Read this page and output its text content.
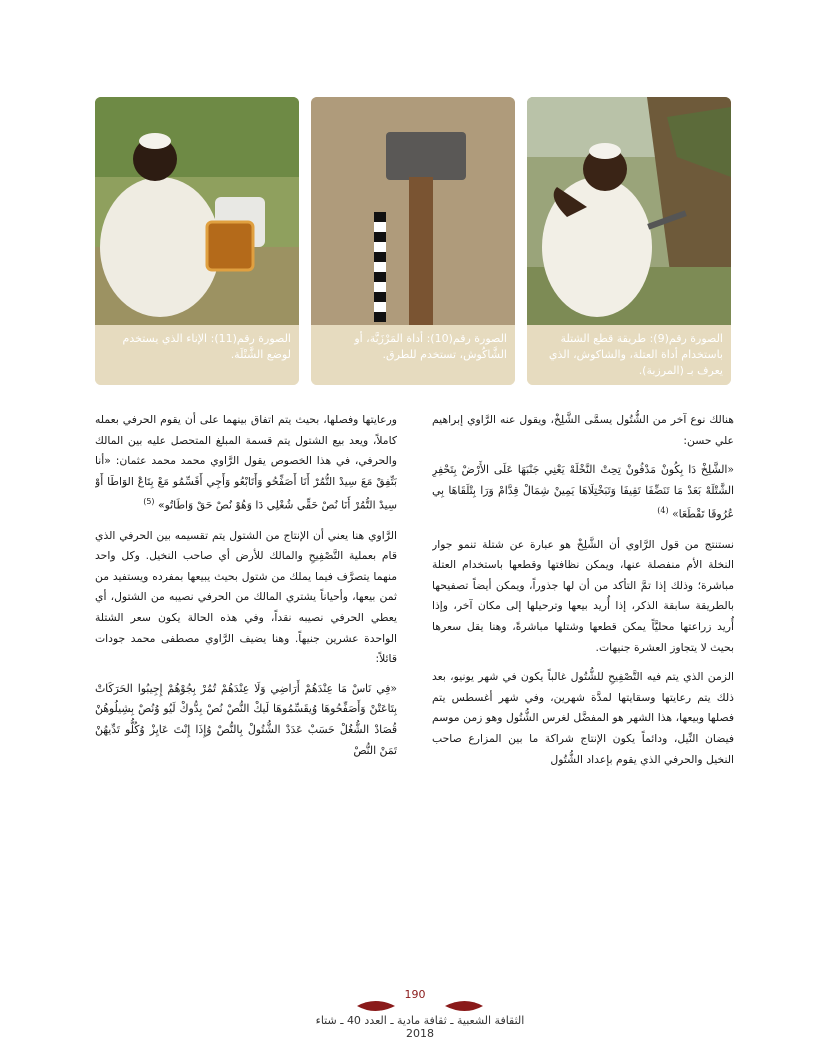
الصورة رقم(9): طريقة قطع الشتلة باستخدام أداة العتلة، والشاكوش، الذي يعرف بـ (المرزبة).
الصورة رقم(10): أداة المَرْزَبَّة، أو الشَّاكُوش، تستخدم للطرق.
الصورة رقم(11): الإناء الذي يستخدم لوضع الشَّتْلَة.

هنالك نوع آخر من الشُّتُول يسمَّى الشَّلِخْ، ويقول عنه الرَّاوي إبراهيم علي حسن:

«الشَّلِخْ دَا بِكُونْ مَدْفُونْ تِحِتْ النَّخْلَهْ يَعْنِي جَنْبَهَا عَلَى الأَرْضْ بِتَحْفِرِ الشَّتْلَهْ بَعَدْ مَا تَنَضِّفَا تَقِيفَا وَتَبَخْتِلَاهَا يَمِينْ شِمَالْ قِدَّامْ وَرَا بِتْلَقَاهَا بِي عُرُوقَا تَقْطَعَا» $^{(4)}$

نستنتج من قول الرَّاوي أن الشَّلِخْ هو عبارة عن شتلة تنمو جوار النخلة الأم منفصلة عنها، ويمكن نظافتها وقطعها باستخدام العتلة مباشرة؛ وذلك إذا تمَّ التأكد من أن لها جذوراً، ويمكن أيضاً تصفيحها بالطريقة سابقة الذكر، إذا أُريد بيعها وترحيلها إلى مكان آخر، وإذا أُريد زراعتها محليَّاً يمكن قطعها وشتلها مباشرةً، وهنا يقل سعرها بحيث لا يتجاوز العشرة جنيهات.

الزمن الذي يتم فيه التَّصْفِيحِ للشُّتُول غالباً يكون في شهر يونيو، بعد ذلك يتم رعايتها وسقايتها لمدَّة شهرين، وفي شهر أغسطس يتم فصلها وبيعها، هذا الشهر هو المفضَّل لغرس الشُّتُول وهو زمن موسم فيضان النِّيل، ودائماً يكون الإنتاج شراكة ما بين المزارع صاحب النخيل والحرفي الذي يقوم بإعداد الشُّتُول

ورعايتها وفصلها، بحيث يتم اتفاق بينهما على أن يقوم الحرفي بعمله كاملاً، ويعد بيع الشتول يتم قسمة المبلغ المتحصل عليه بين المالك والحرفي، في هذا الخصوص يقول الرَّاوي محمد محمد عثمان: «أنا بَتِّفِقْ مَعَ سِيدْ التُّمُرْ أَنَا أَصَفِّحُو وَأَتَابْعُو وَأَجِي أَقَسِّمُو مَعْ بِتَاعْ الوَاطَا أَوْ سِيدْ التُّمُرْ أَنَا نُصْ حَقِّي شُغْلِي دَا وَهُوْ نُصْ حَقْ وَاطَاتُو» $^{(5)}$

الرَّاوي هنا يعني أن الإنتاج من الشتول يتم تقسيمه بين الحرفي الذي قام بعملية التَّصْفِيحِ والمالك للأرض أي صاحب النخيل. وكل واحد منهما يتصرَّف فيما يملك من شتول بحيث يبيعها بمفرده ويستفيد من ثمن بيعها، وأحياناً يشتري المالك من الحرفي نصيبه من الشتول، أي يعطي الحرفي نصيبه نقداً، وفي هذه الحالة يكون سعر الشتلة الواحدة عشرين جنيهاً. وهنا يضيف الرَّاوي مصطفى محمد جودات قائلاً:

«فِي نَاسْ مَا عِنْدَهُمْ أَرَاضِي وَلَا عِنْدَهُمْ تُمُرْ بِجُوْهُمْ إِجِيبُوا الحَرَكَاتْ بِتَاعَتْنْ وَأَصَفِّحُوهَا وُيقَسِّمُوهَا لَيكْ النُّصْ نُصْ بِدُّوكْ لَيُو وُنُصْ بِشِيلُوهُنْ قُصَادْ الشُّغُلْ حَسَبْ عَدَدْ الشُّتُولْ بِالنُّصْ وُإِذَا إِنْتَ عَايِزْ وُكُلُّو تَدِّيهُنْ تَمَنْ النُّصْ

190
الثقافة الشعبية ـ ثقافة مادية ـ العدد 40 ـ شتاء 2018
